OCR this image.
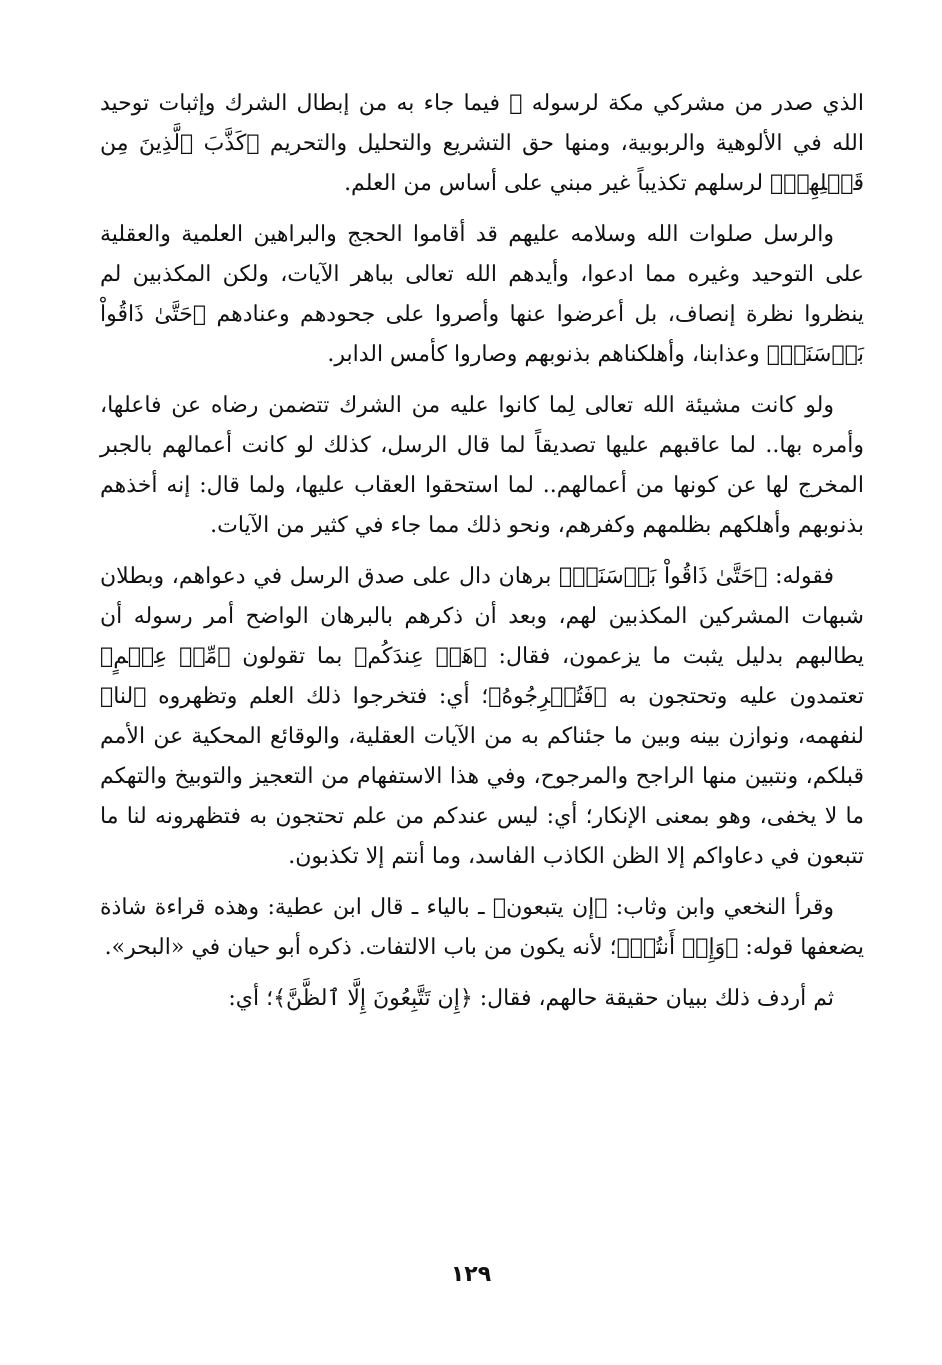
الذي صدر من مشركي مكة لرسوله ﷺ فيما جاء به من إبطال الشرك وإثبات توحيد الله في الألوهية والربوبية، ومنها حق التشريع والتحليل والتحريم ﴿كَذَّبَ ٱلَّذِينَ مِن قَبۡلِهِمۡ﴾ لرسلهم تكذيباً غير مبني على أساس من العلم.

والرسل صلوات الله وسلامه عليهم قد أقاموا الحجج والبراهين العلمية والعقلية على التوحيد وغيره مما ادعوا، وأيدهم الله تعالى بباهر الآيات، ولكن المكذبين لم ينظروا نظرة إنصاف، بل أعرضوا عنها وأصروا على جحودهم وعنادهم ﴿حَتَّىٰ ذَاقُواْ بَأۡسَنَاۗ﴾ وعذابنا، وأهلكناهم بذنوبهم وصاروا كأمس الدابر.

ولو كانت مشيئة الله تعالى لِما كانوا عليه من الشرك تتضمن رضاه عن فاعلها، وأمره بها.. لما عاقبهم عليها تصديقاً لما قال الرسل، كذلك لو كانت أعمالهم بالجبر المخرج لها عن كونها من أعمالهم.. لما استحقوا العقاب عليها، ولما قال: إنه أخذهم بذنوبهم وأهلكهم بظلمهم وكفرهم، ونحو ذلك مما جاء في كثير من الآيات.

فقوله: ﴿حَتَّىٰ ذَاقُواْ بَأۡسَنَاۗ﴾ برهان دال على صدق الرسل في دعواهم، وبطلان شبهات المشركين المكذبين لهم، وبعد أن ذكرهم بالبرهان الواضح أمر رسوله أن يطالبهم بدليل يثبت ما يزعمون، فقال: ﴿هَلۡ عِندَكُم﴾ بما تقولون ﴿مِّنۡ عِلۡمٍ﴾ تعتمدون عليه وتحتجون به ﴿فَتُخۡرِجُوهُ﴾؛ أي: فتخرجوا ذلك العلم وتظهروه ﴿لنا﴾ لنفهمه، ونوازن بينه وبين ما جئناكم به من الآيات العقلية، والوقائع المحكية عن الأمم قبلكم، ونتبين منها الراجح والمرجوح، وفي هذا الاستفهام من التعجيز والتوبيخ والتهكم ما لا يخفى، وهو بمعنى الإنكار؛ أي: ليس عندكم من علم تحتجون به فتظهرونه لنا ما تتبعون في دعاواكم إلا الظن الكاذب الفاسد، وما أنتم إلا تكذبون.

وقرأ النخعي وابن وثاب: ﴿إن يتبعون﴾ ـ بالياء ـ قال ابن عطية: وهذه قراءة شاذة يضعفها قوله: ﴿وَإِنۡ أَنتُمۡ﴾؛ لأنه يكون من باب الالتفات. ذكره أبو حيان في «البحر».

ثم أردف ذلك ببيان حقيقة حالهم، فقال: ﴿إِن تَتَّبِعُونَ إِلَّا ٱلظَّنَّ﴾؛ أي:

١٢٩
